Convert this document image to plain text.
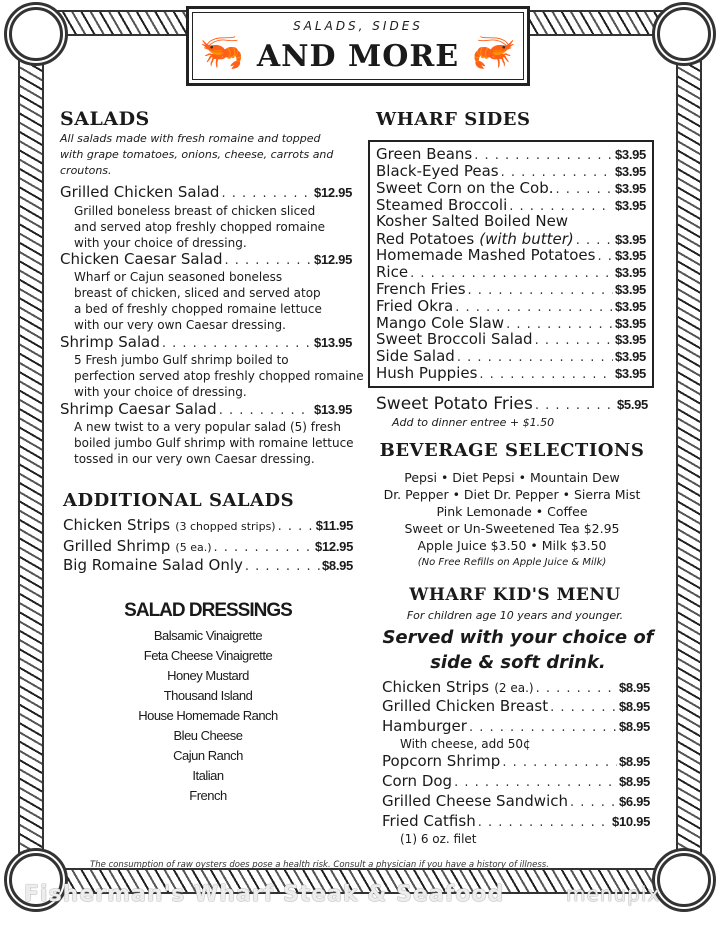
🦐
SALADS, SIDES
AND MORE 🦐
SALADS
All salads made with fresh romaine and topped
with grape tomatoes, onions, cheese, carrots and
croutons.
Grilled Chicken Salad . . .	$12.95
Grilled boneless breast of chicken sliced
and served atop freshly chopped romaine
with your choice of dressing.
Chicken Caesar Salad . . .	$12.95
Wharf or Cajun seasoned boneless
breast of chicken, sliced and served atop
a bed of freshly chopped romaine lettuce
with our very own Caesar dressing.
Shrimp Salad . . .	$13.95
5 Fresh jumbo Gulf shrimp boiled to
perfection served atop freshly chopped romaine
with your choice of dressing.
Shrimp Caesar Salad . . .	$13.95
A new twist to a very popular salad (5) fresh
boiled jumbo Gulf shrimp with romaine lettuce
tossed in our very own Caesar dressing.
ADDITIONAL SALADS
Chicken Strips
(3 chopped strips) . . .	$11.95
Grilled Shrimp
(5 ea.) . . .	$12.95
Big Romaine Salad Only . . .	$8.95
SALAD DRESSINGS
Balsamic Vinaigrette
Feta Cheese Vinaigrette
Honey Mustard
Thousand Island
House Homemade Ranch
Bleu Cheese
Cajun Ranch
Italian
French
WHARF SIDES
Green Beans . . .	$3.95
Black-Eyed Peas . . .	$3.95
Sweet Corn on the Cob. . . .	$3.95
Steamed Broccoli . . .	$3.95
Kosher Salted Boiled New
Red Potatoes
(with butter) . . .	$3.95
Homemade Mashed Potatoes . . . $3.95
Rice . . .	$3.95
French Fries . . .	$3.95
Fried Okra . . .	$3.95
Mango Cole Slaw . . .	$3.95
Sweet Broccoli Salad . . .	$3.95
Side Salad . . .	$3.95
Hush Puppies . . .	$3.95
Sweet Potato Fries . . .	$5.95
Add to dinner entree + $1.50
BEVERAGE SELECTIONS
Pepsi • Diet Pepsi • Mountain Dew
Dr. Pepper • Diet Dr. Pepper • Sierra Mist
Pink Lemonade • Coffee
Sweet or Un-Sweetened Tea $2.95
Apple Juice $3.50 • Milk $3.50
(No Free Refills on Apple Juice & Milk)
WHARF KID'S MENU
For children age 10 years and younger.
Served with your choice of
side & soft drink.
Chicken Strips
(2 ea.) . . .	$8.95
Grilled Chicken Breast . . .	$8.95
Hamburger . . .	$8.95
With cheese, add 50¢
Popcorn Shrimp . . .	$8.95
Corn Dog . . .	$8.95
Grilled Cheese Sandwich . . .	$6.95
Fried Catfish . . .	$10.95
(1) 6 oz. filet
The consumption of raw oysters does pose a health risk. Consult a physician if you have a history of illness.
Fisherman's Wharf Steak & Seafood	menupix
